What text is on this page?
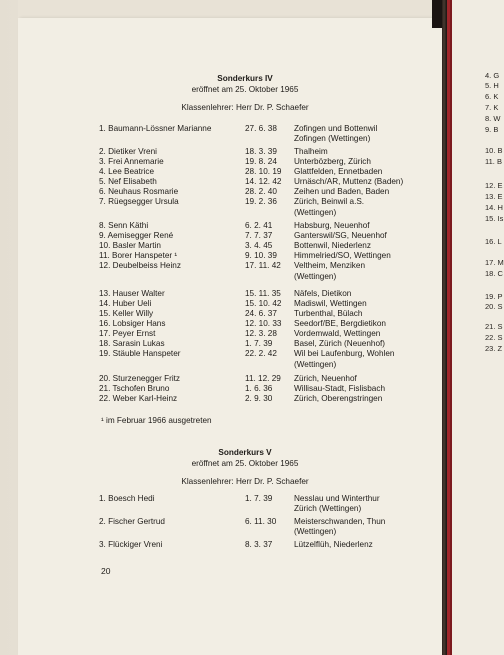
Sonderkurs IV
eröffnet am 25. Oktober 1965
Klassenlehrer: Herr Dr. P. Schaefer
¹ im Februar 1966 ausgetreten
Sonderkurs V
eröffnet am 25. Oktober 1965
Klassenlehrer: Herr Dr. P. Schaefer
20
1. Baumann-Lössner Marianne	27. 6. 38 Zofingen und Bottenwil
Zofingen (Wettingen)
2. Dietiker Vreni	18. 3. 39 Thalheim
3. Frei Annemarie	19. 8. 24 Unterbözberg, Zürich
4. Lee Beatrice	28. 10. 19 Glattfelden, Ennetbaden
5. Nef Elisabeth	14. 12. 42 Urnäsch/AR, Muttenz (Baden)
6. Neuhaus Rosmarie	28. 2. 40 Zeihen und Baden, Baden
7. Rüegsegger Ursula	19. 2. 36 Zürich, Beinwil a.S.
(Wettingen)
8. Senn Käthi	6. 2. 41	Habsburg, Neuenhof
9. Aemisegger René	7. 7. 37	Ganterswil/SG, Neuenhof
10. Basler Martin	3. 4. 45	Bottenwil, Niederlenz
11. Borer Hanspeter ¹	9. 10. 39 Himmelried/SO, Wettingen
12. Deubelbeiss Heinz	17. 11. 42 Veltheim, Menziken
(Wettingen)
13. Hauser Walter	15. 11. 35 Näfels, Dietikon
14. Huber Ueli	15. 10. 42 Madiswil, Wettingen
15. Keller Willy	24. 6. 37 Turbenthal, Bülach
16. Lobsiger Hans	12. 10. 33 Seedorf/BE, Bergdietikon
17. Peyer Ernst	12. 3. 28 Vordemwald, Wettingen
18. Sarasin Lukas	1. 7. 39	Basel, Zürich (Neuenhof)
19. Stäuble Hanspeter	22. 2. 42 Wil bei Laufenburg, Wohlen
(Wettingen)
20. Sturzenegger Fritz	11. 12. 29 Zürich, Neuenhof
21. Tschofen Bruno	1. 6. 36	Willisau-Stadt, Fislisbach
22. Weber Karl-Heinz	2. 9. 30	Zürich, Oberengstringen
1. Boesch Hedi	1. 7. 39	Nesslau und Winterthur
Zürich (Wettingen)
2. Fischer Gertrud	6. 11. 30 Meisterschwanden, Thun
(Wettingen)
3. Flückiger Vreni	8. 3. 37	Lützelflüh, Niederlenz
4. G
5. H
6. K
7. K
8. W
9. B
10. B
11. B
12. E
13. E
14. H
15. Is
16. L
17. M
18. C
19. P
20. S
21. S
22. S
23. Z
